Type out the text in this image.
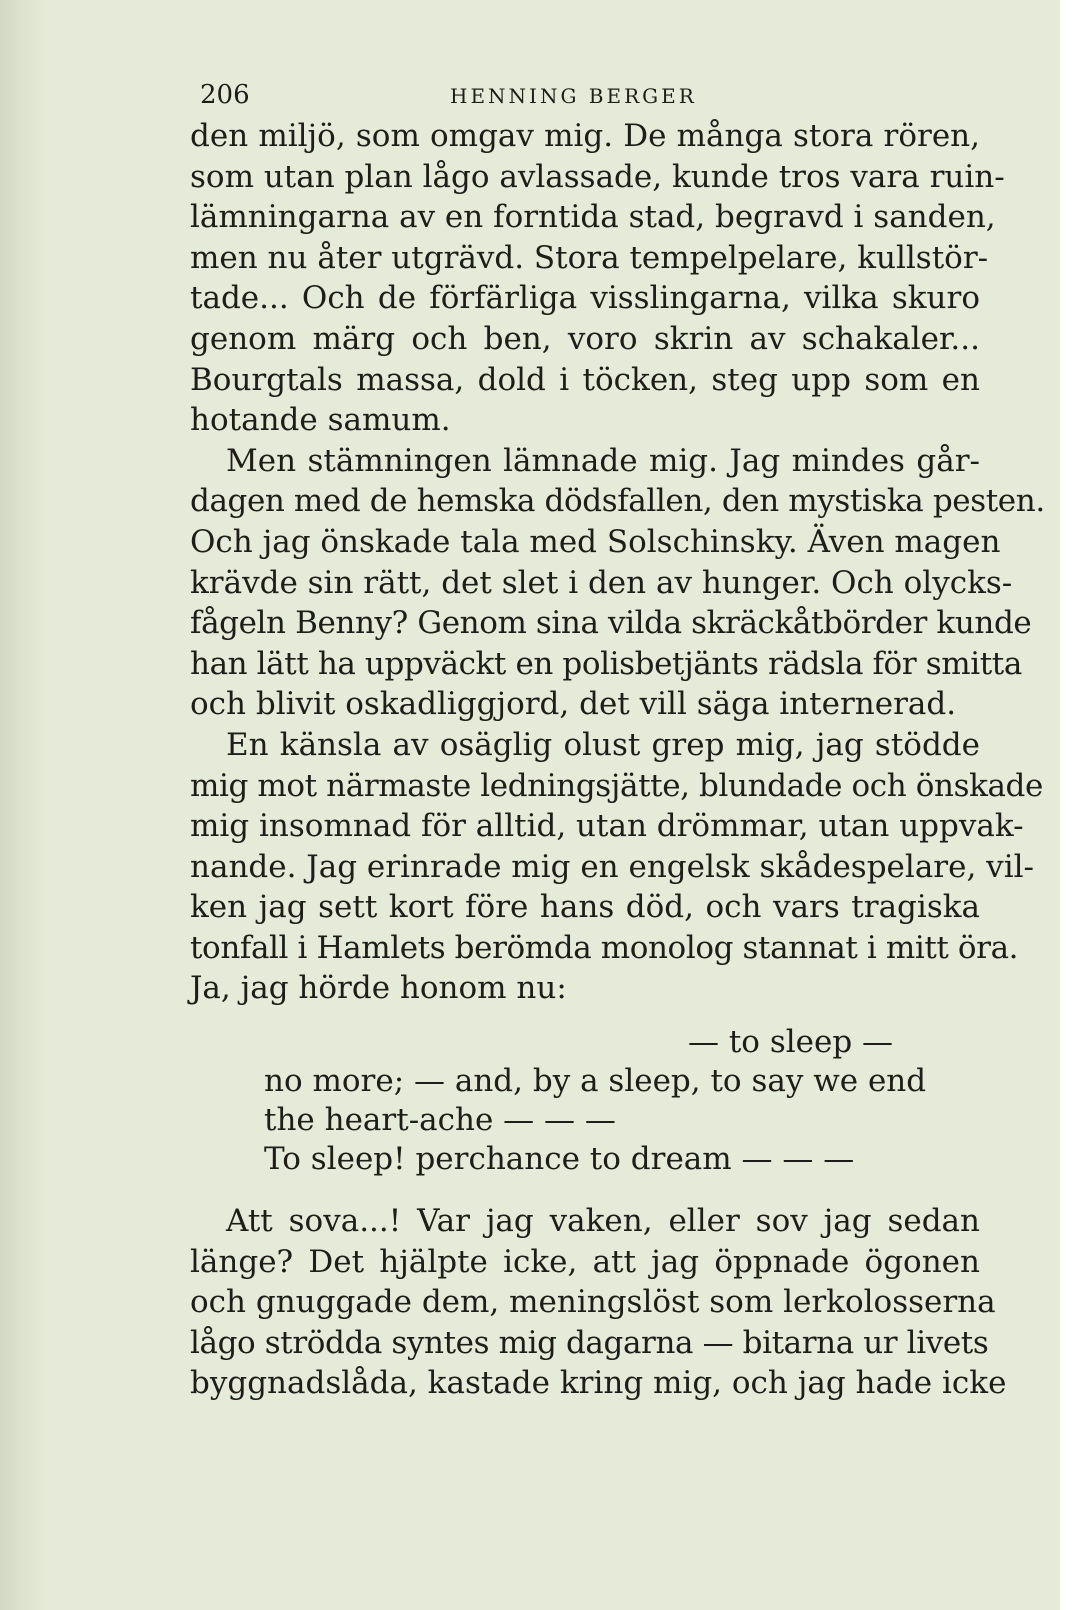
206	HENNING BERGER

den miljö, som omgav mig. De många stora rören,
som utan plan lågo avlassade, kunde tros vara ruin-
lämningarna av en forntida stad, begravd i sanden,
men nu åter utgrävd. Stora tempelpelare, kullstör-
tade... Och de förfärliga visslingarna, vilka skuro
genom märg och ben, voro skrin av schakaler...
Bourgtals massa, dold i töcken, steg upp som en
hotande samum.

Men stämningen lämnade mig. Jag mindes går-
dagen med de hemska dödsfallen, den mystiska pesten.
Och jag önskade tala med Solschinsky. Även magen
krävde sin rätt, det slet i den av hunger. Och olycks-
fågeln Benny? Genom sina vilda skräckåtbörder kunde
han lätt ha uppväckt en polisbetjänts rädsla för smitta
och blivit oskadliggjord, det vill säga internerad.

En känsla av osäglig olust grep mig, jag stödde
mig mot närmaste ledningsjätte, blundade och önskade
mig insomnad för alltid, utan drömmar, utan uppvak-
nande. Jag erinrade mig en engelsk skådespelare, vil-
ken jag sett kort före hans död, och vars tragiska
tonfall i Hamlets berömda monolog stannat i mitt öra.
Ja, jag hörde honom nu:

— to sleep —
no more; — and, by a sleep, to say we end
the heart-ache — — —
To sleep! perchance to dream — — —

Att sova...! Var jag vaken, eller sov jag sedan
länge? Det hjälpte icke, att jag öppnade ögonen
och gnuggade dem, meningslöst som lerkolosserna
lågo strödda syntes mig dagarna — bitarna ur livets
byggnadslåda, kastade kring mig, och jag hade icke
